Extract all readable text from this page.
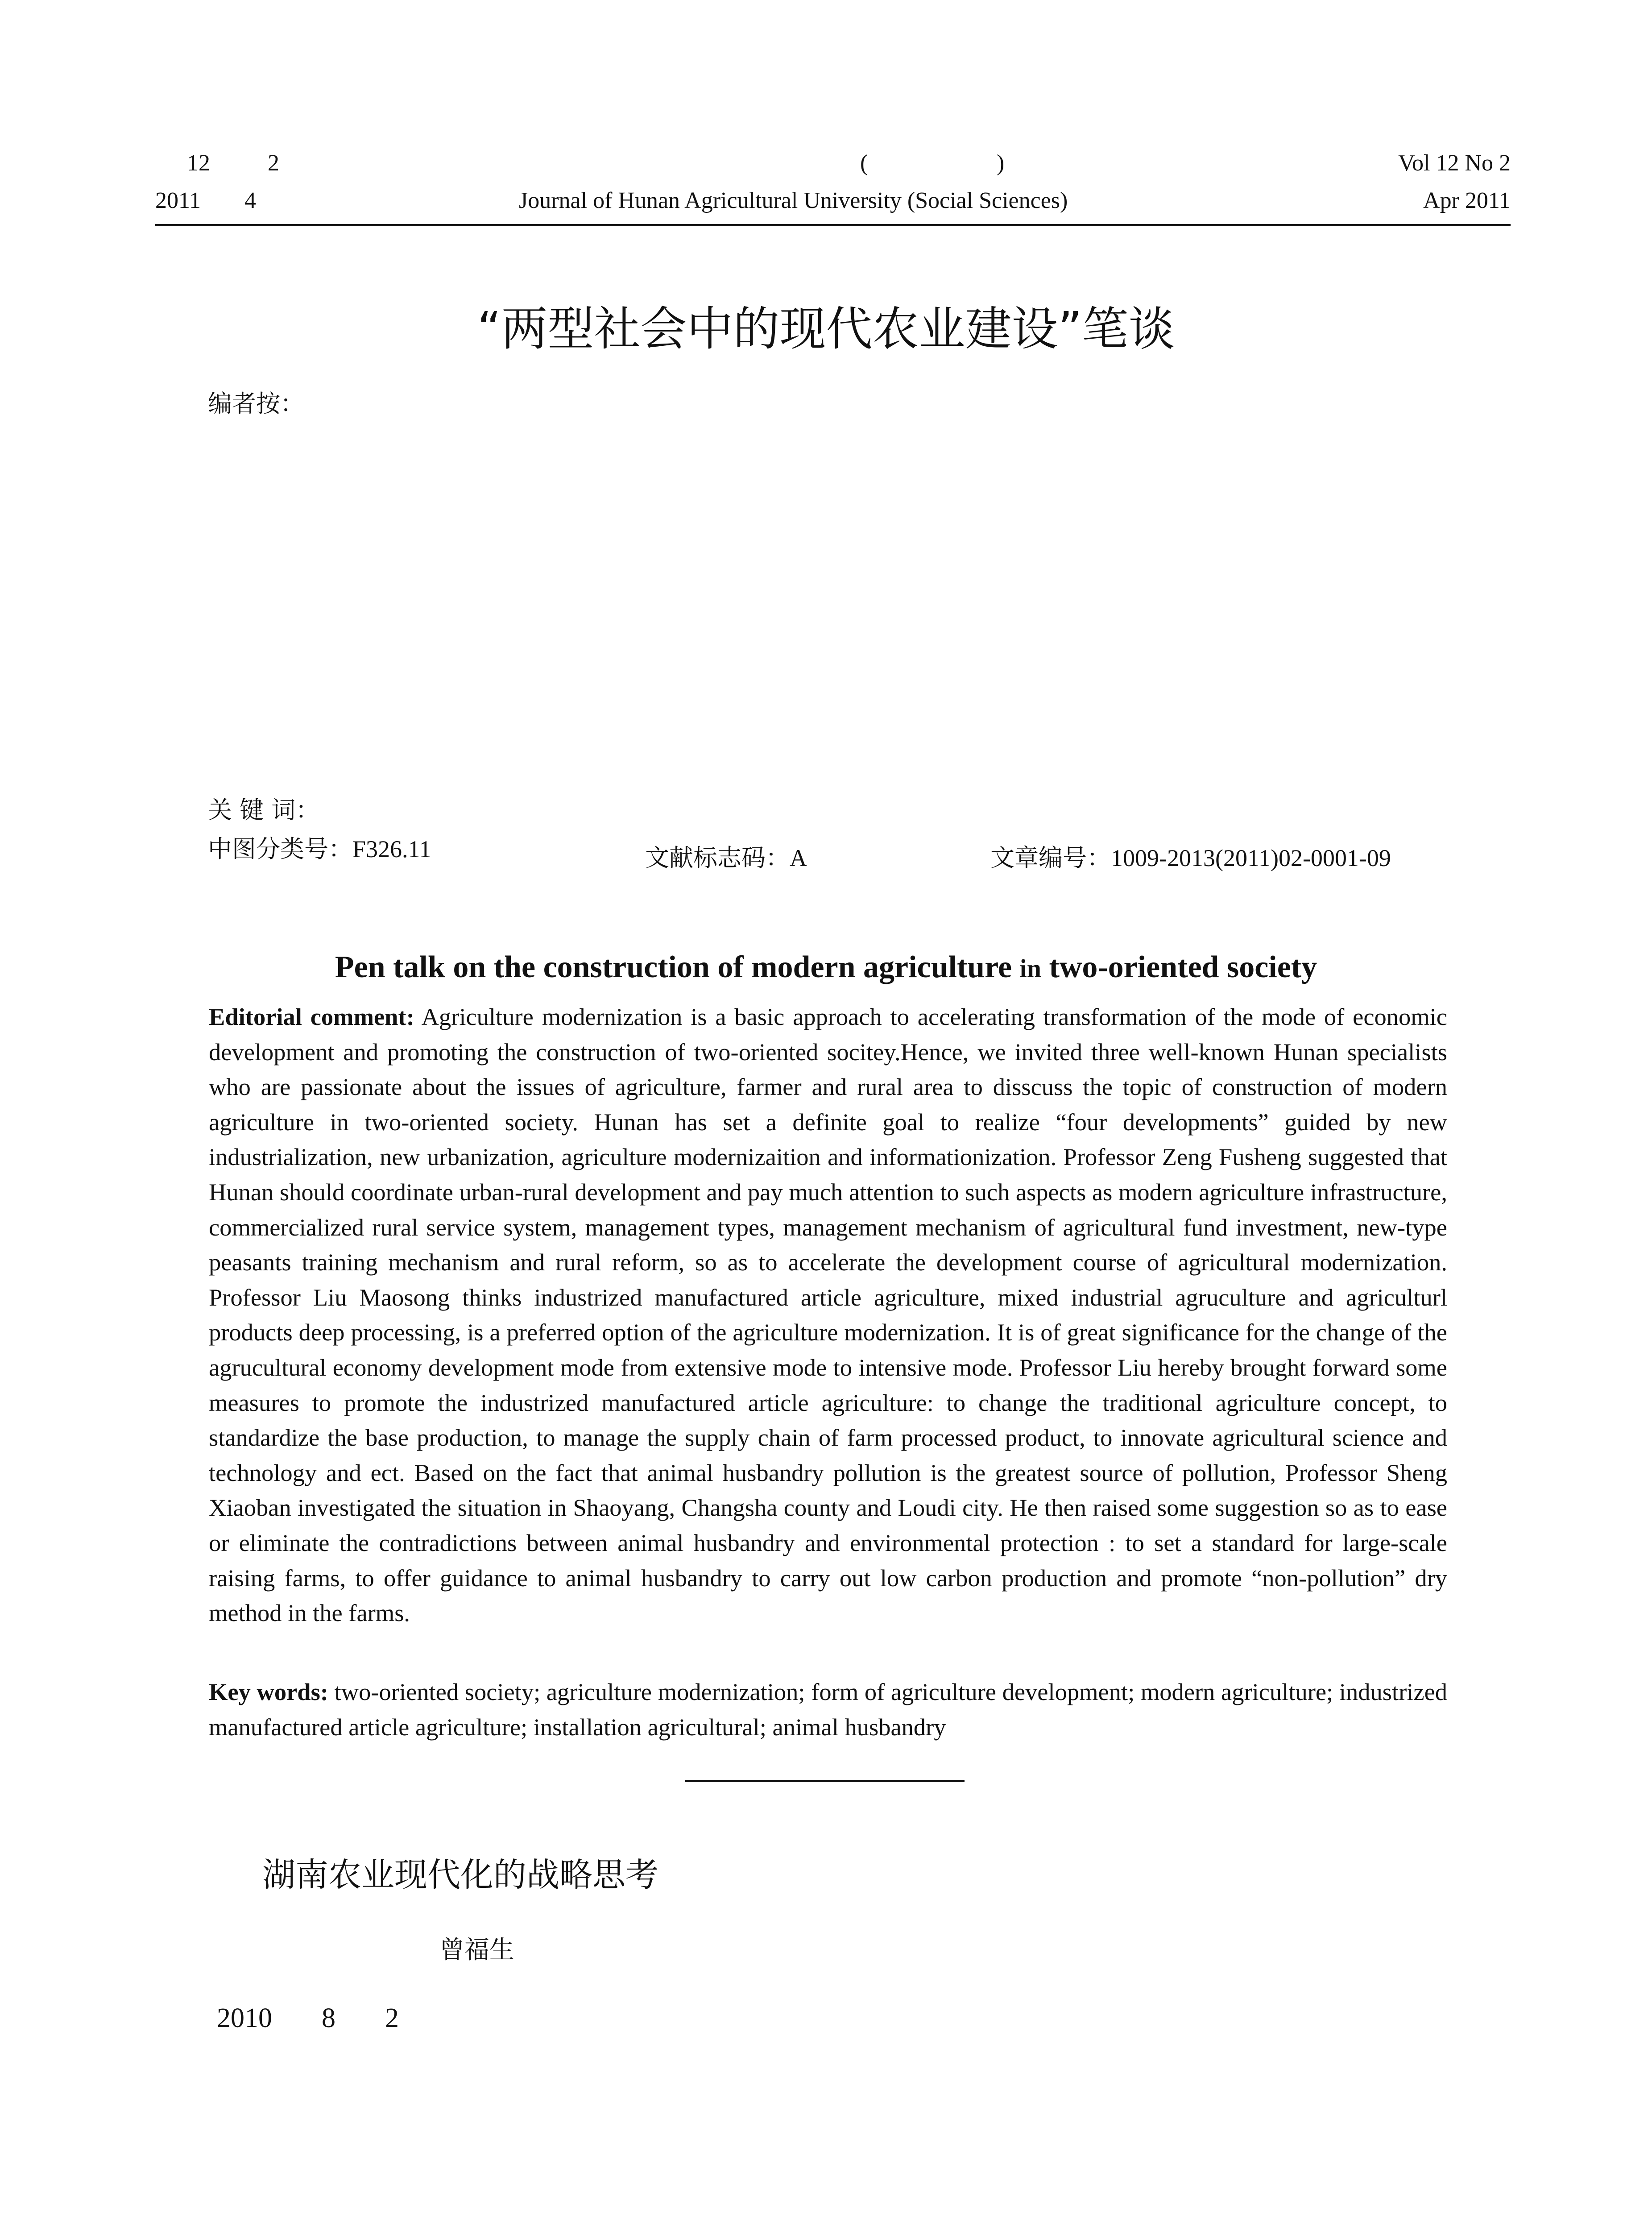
12 2	(	)	Vol 12 No 2
2011 4	Journal of Hunan Agricultural University (Social Sciences)	Apr 2011
“两型社会中的现代农业建设”笔谈
编者按：
关 键 词：
中图分类号：F326.11	文献标志码：A	文章编号：1009-2013(2011)02-0001-09
Pen talk on the construction of modern agriculture in two-oriented society
Editorial comment: Agriculture modernization is a basic approach to accelerating transformation of the mode of economic development and promoting the construction of two-oriented socitey.Hence, we invited three well-known Hunan specialists who are passionate about the issues of agriculture, farmer and rural area to disscuss the topic of construction of modern agriculture in two-oriented society. Hunan has set a definite goal to realize “four developments” guided by new industrialization, new urbanization, agriculture modernizaition and informationization. Professor Zeng Fusheng suggested that Hunan should coordinate urban-rural development and pay much attention to such aspects as modern agriculture infrastructure, commercialized rural service system, management types, management mechanism of agricultural fund investment, new-type peasants training mechanism and rural reform, so as to accelerate the development course of agricultural modernization. Professor Liu Maosong thinks industrized manufactured article agriculture, mixed industrial agruculture and agriculturl products deep processing, is a preferred option of the agriculture modernization. It is of great significance for the change of the agrucultural economy development mode from extensive mode to intensive mode. Professor Liu hereby brought forward some measures to promote the industrized manufactured article agriculture: to change the traditional agriculture concept, to standardize the base production, to manage the supply chain of farm processed product, to innovate agricultural science and technology and ect. Based on the fact that animal husbandry pollution is the greatest source of pollution, Professor Sheng Xiaoban investigated the situation in Shaoyang, Changsha county and Loudi city. He then raised some suggestion so as to ease or eliminate the contradictions between animal husbandry and environmental protection : to set a standard for large-scale raising farms, to offer guidance to animal husbandry to carry out low carbon production and promote “non-pollution” dry method in the farms.
Key words: two-oriented society; agriculture modernization; form of agriculture development; modern agriculture; industrized manufactured article agriculture; installation agricultural; animal husbandry
湖南农业现代化的战略思考
曾福生
2010 8 2
